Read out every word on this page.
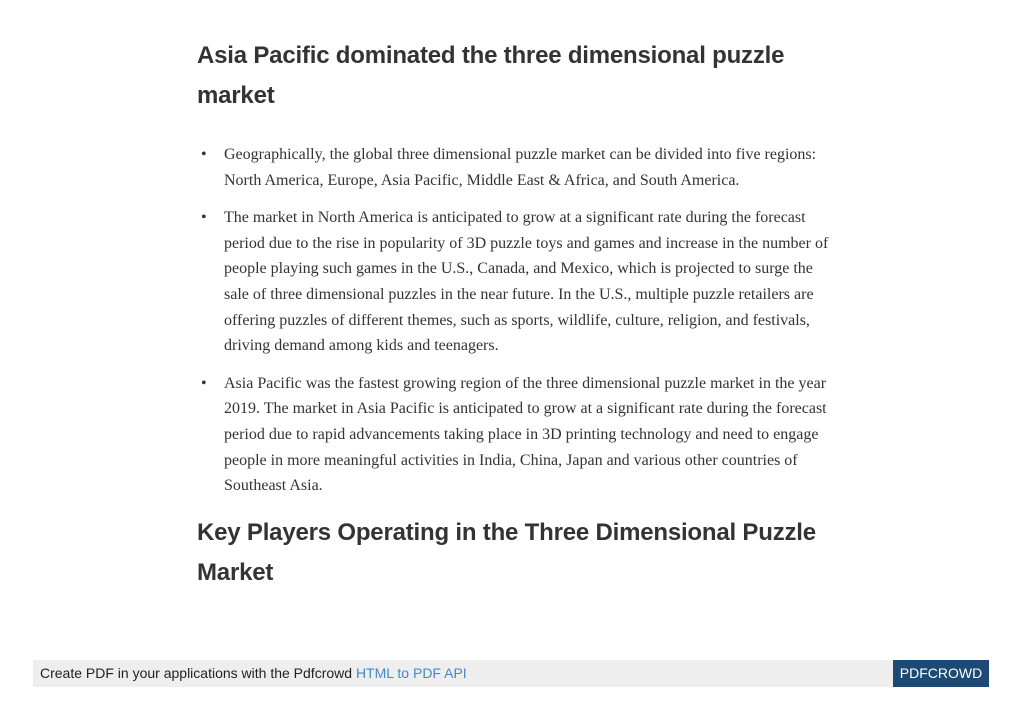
Asia Pacific dominated the three dimensional puzzle market
• Geographically, the global three dimensional puzzle market can be divided into five regions: North America, Europe, Asia Pacific, Middle East & Africa, and South America.
• The market in North America is anticipated to grow at a significant rate during the forecast period due to the rise in popularity of 3D puzzle toys and games and increase in the number of people playing such games in the U.S., Canada, and Mexico, which is projected to surge the sale of three dimensional puzzles in the near future. In the U.S., multiple puzzle retailers are offering puzzles of different themes, such as sports, wildlife, culture, religion, and festivals, driving demand among kids and teenagers.
• Asia Pacific was the fastest growing region of the three dimensional puzzle market in the year 2019. The market in Asia Pacific is anticipated to grow at a significant rate during the forecast period due to rapid advancements taking place in 3D printing technology and need to engage people in more meaningful activities in India, China, Japan and various other countries of Southeast Asia.
Key Players Operating in the Three Dimensional Puzzle Market
Create PDF in your applications with the Pdfcrowd HTML to PDF API	PDFCROWD
